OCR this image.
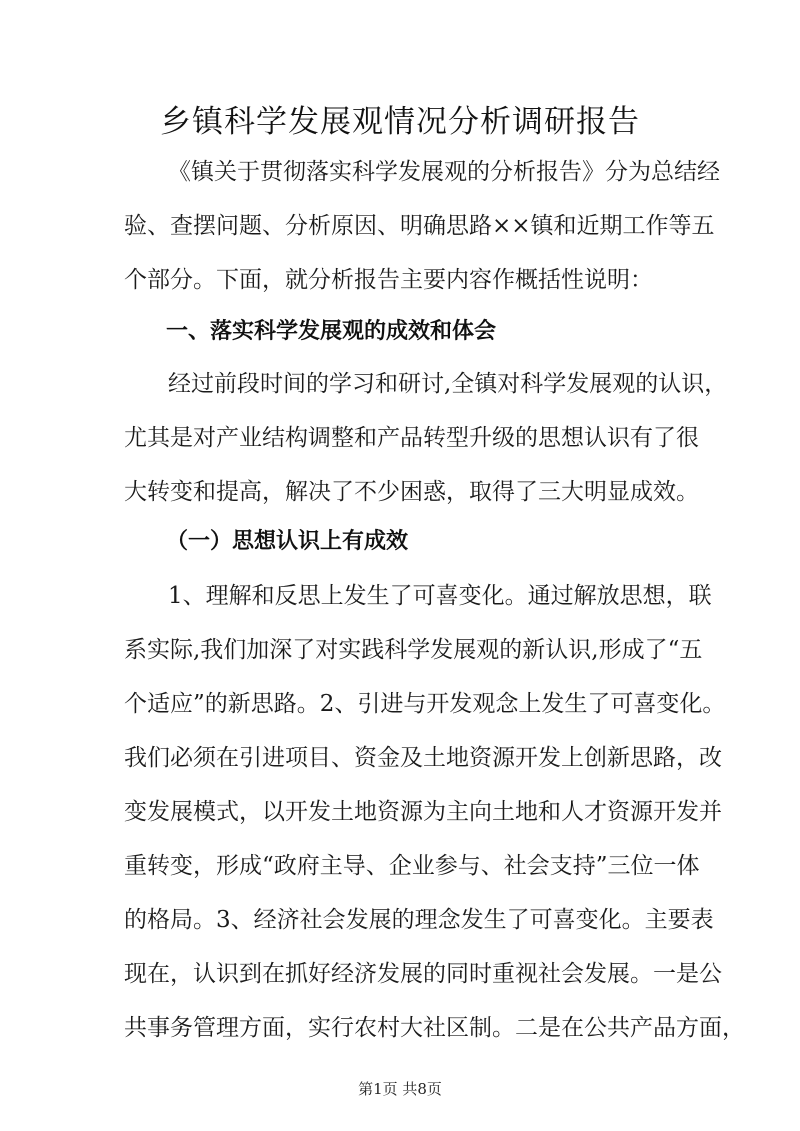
乡镇科学发展观情况分析调研报告
《镇关于贯彻落实科学发展观的分析报告》分为总结经
验、查摆问题、分析原因、明确思路××镇和近期工作等五
个部分。下面，就分析报告主要内容作概括性说明：
一、落实科学发展观的成效和体会
经过前段时间的学习和研讨,全镇对科学发展观的认识，
尤其是对产业结构调整和产品转型升级的思想认识有了很
大转变和提高，解决了不少困惑，取得了三大明显成效。
（一）思想认识上有成效
1、理解和反思上发生了可喜变化。通过解放思想，联
系实际,我们加深了对实践科学发展观的新认识,形成了“五
个适应”的新思路。2、引进与开发观念上发生了可喜变化。
我们必须在引进项目、资金及土地资源开发上创新思路，改
变发展模式，以开发土地资源为主向土地和人才资源开发并
重转变，形成“政府主导、企业参与、社会支持”三位一体
的格局。3、经济社会发展的理念发生了可喜变化。主要表
现在，认识到在抓好经济发展的同时重视社会发展。一是公
共事务管理方面，实行农村大社区制。二是在公共产品方面，
第1页 共8页
